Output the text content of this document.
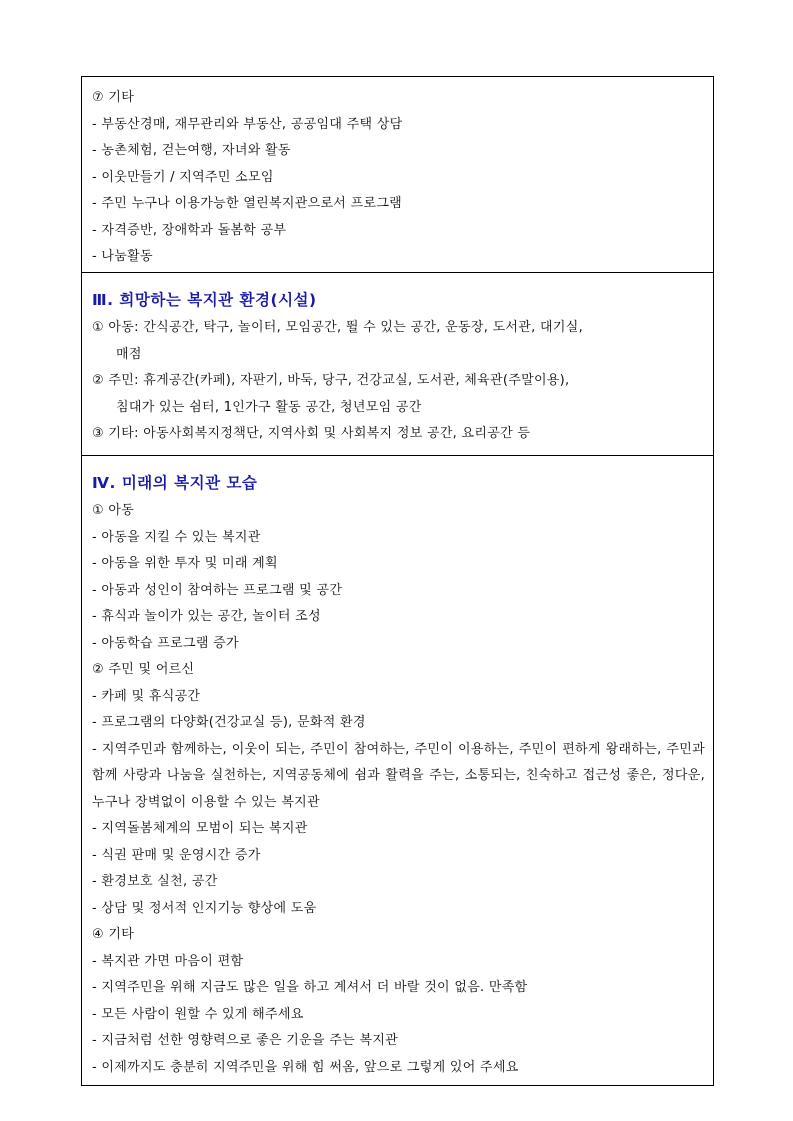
⑦ 기타
- 부동산경매, 재무관리와 부동산, 공공임대 주택 상담
- 농촌체험, 걷는여행, 자녀와 활동
- 이웃만들기 / 지역주민 소모임
- 주민 누구나 이용가능한 열린복지관으로서 프로그램
- 자격증반, 장애학과 돌봄학 공부
- 나눔활동
Ⅲ. 희망하는 복지관 환경(시설)
① 아동: 간식공간, 탁구, 놀이터, 모임공간, 뛸 수 있는 공간, 운동장, 도서관, 대기실,
매점
② 주민: 휴게공간(카페), 자판기, 바둑, 당구, 건강교실, 도서관, 체육관(주말이용),
침대가 있는 쉼터, 1인가구 활동 공간, 청년모임 공간
③ 기타: 아동사회복지정책단, 지역사회 및 사회복지 정보 공간, 요리공간 등
Ⅳ. 미래의 복지관 모습
① 아동
- 아동을 지킬 수 있는 복지관
- 아동을 위한 투자 및 미래 계획
- 아동과 성인이 참여하는 프로그램 및 공간
- 휴식과 놀이가 있는 공간, 놀이터 조성
- 아동학습 프로그램 증가
② 주민 및 어르신
- 카페 및 휴식공간
- 프로그램의 다양화(건강교실 등), 문화적 환경
- 지역주민과 함께하는, 이웃이 되는, 주민이 참여하는, 주민이 이용하는, 주민이 편하게 왕래하는, 주민과 함께 사랑과 나눔을 실천하는, 지역공동체에 쉼과 활력을 주는, 소통되는, 친숙하고 접근성 좋은, 정다운, 누구나 장벽없이 이용할 수 있는 복지관
- 지역돌봄체계의 모범이 되는 복지관
- 식권 판매 및 운영시간 증가
- 환경보호 실천, 공간
- 상담 및 정서적 인지기능 향상에 도움
④ 기타
- 복지관 가면 마음이 편함
- 지역주민을 위해 지금도 많은 일을 하고 계셔서 더 바랄 것이 없음. 만족함
- 모든 사람이 원할 수 있게 해주세요
- 지금처럼 선한 영향력으로 좋은 기운을 주는 복지관
- 이제까지도 충분히 지역주민을 위해 힘 써옴, 앞으로 그렇게 있어 주세요
